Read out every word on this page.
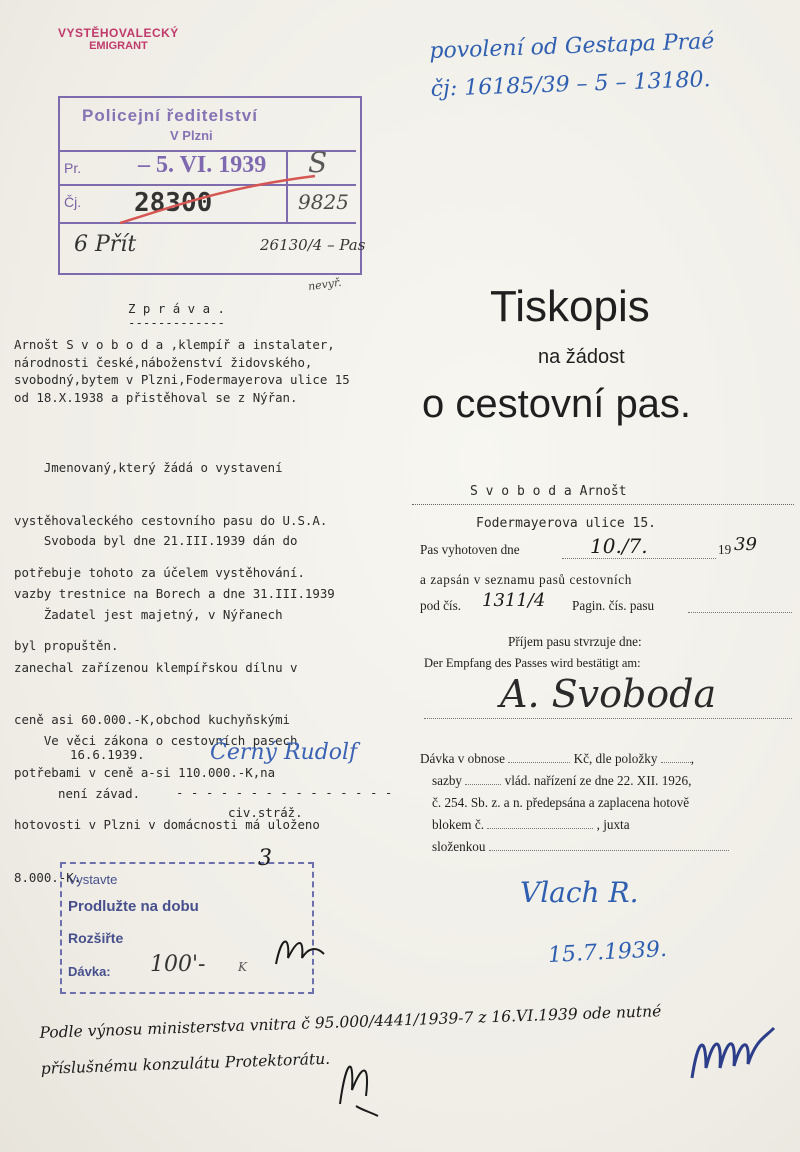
VYSTĚHOVALECKÝ
EMIGRANT	povolení od Gestapa Praé
čj: 16185/39 – 5 – 13180.
Policejní ředitelství
V Plzni
Pr. – 5. VI. 1939 S
Čj. 28300	9825
6 Přít	26130/4 – Pas
nevyř.
Z p r á v a .
-------------
Arnošt S v o b o d a ,klempíř a instalater,
národnosti české,náboženství židovského,
svobodný,bytem v Plzni,Fodermayerova ulice 15
od 18.X.1938 a přistěhoval se z Nýřan.

Jmenovaný,který žádá o vystavení

vystěhovaleckého cestovního pasu do U.S.A.

potřebuje tohoto za účelem vystěhování.

Svoboda byl dne 21.III.1939 dán do

vazby trestnice na Borech a dne 31.III.1939

byl propuštěn.

Žadatel jest majetný, v Nýřanech

zanechal zařízenou klempířskou dílnu v

ceně asi 60.000.-K,obchod kuchyňskými

potřebami v ceně a-si 110.000.-K,na

hotovosti v Plzni v domácnosti má uloženo

8.000.-K.

Ve věci zákona o cestovních pasech

není závad.

16.6.1939.	Černý Rudolf
- - - - - - - - - - - - - - -
civ.stráž.
Tiskopis
na žádost
o cestovní pas.
S v o b o d a Arnošt
Fodermayerova ulice 15.
Pas vyhotoven dne	10./7.	19 39
a zapsán v seznamu pasů cestovních
pod čís. 1311/4 Pagin. čís. pasu
Příjem pasu stvrzuje dne:
Der Empfang des Passes wird bestätigt am:
A. Svoboda
Dávka v obnose	Kč, dle položky	,
sazby	vlád. nařízení ze dne 22. XII. 1926,
č. 254. Sb. z. a n. předepsána a zaplacena hotově
blokem č.	, juxta
složenkou
Vlach R.
15.7.1939.
Vystavte
Prodlužte na dobu
Rozšiřte
Dávka: 100'-	K
3
Podle výnosu ministerstva vnitra č 95.000/4441/1939-7 z 16.VI.1939 ode nutné
příslušnému konzulátu Protektorátu.
